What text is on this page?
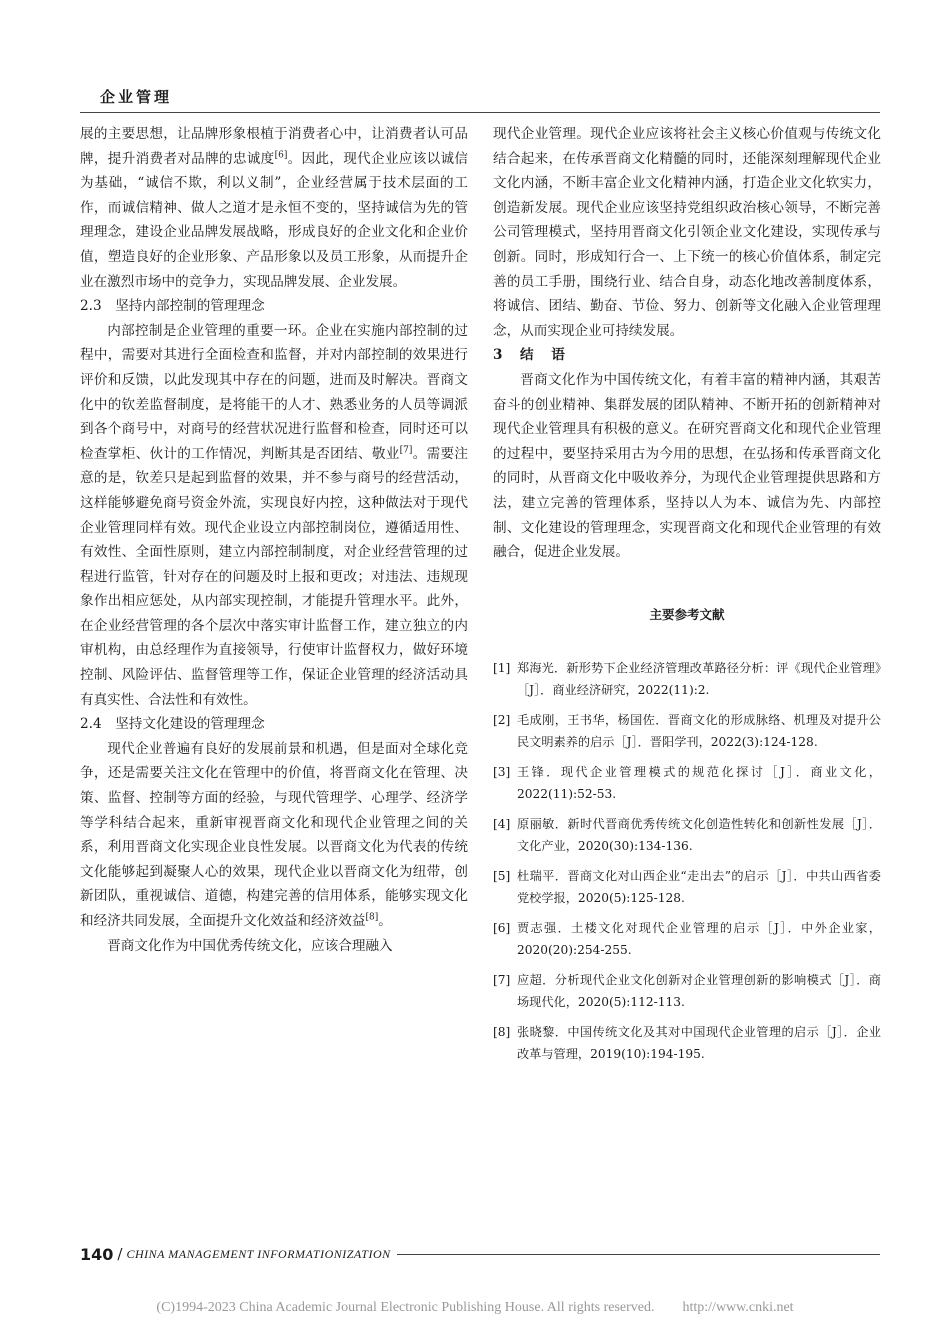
企业管理

展的主要思想，让品牌形象根植于消费者心中，让消费者认可品牌，提升消费者对品牌的忠诚度[6]。因此，现代企业应该以诚信为基础，“诚信不欺，利以义制”，企业经营属于技术层面的工作，而诚信精神、做人之道才是永恒不变的，坚持诚信为先的管理理念，建设企业品牌发展战略，形成良好的企业文化和企业价值，塑造良好的企业形象、产品形象以及员工形象，从而提升企业在激烈市场中的竞争力，实现品牌发展、企业发展。

2.3　坚持内部控制的管理理念

内部控制是企业管理的重要一环。企业在实施内部控制的过程中，需要对其进行全面检查和监督，并对内部控制的效果进行评价和反馈，以此发现其中存在的问题，进而及时解决。晋商文化中的钦差监督制度，是将能干的人才、熟悉业务的人员等调派到各个商号中，对商号的经营状况进行监督和检查，同时还可以检查掌柜、伙计的工作情况，判断其是否团结、敬业[7]。需要注意的是，钦差只是起到监督的效果，并不参与商号的经营活动，这样能够避免商号资金外流，实现良好内控，这种做法对于现代企业管理同样有效。现代企业设立内部控制岗位，遵循适用性、有效性、全面性原则，建立内部控制制度，对企业经营管理的过程进行监管，针对存在的问题及时上报和更改；对违法、违规现象作出相应惩处，从内部实现控制，才能提升管理水平。此外，在企业经营管理的各个层次中落实审计监督工作，建立独立的内审机构，由总经理作为直接领导，行使审计监督权力，做好环境控制、风险评估、监督管理等工作，保证企业管理的经济活动具有真实性、合法性和有效性。

2.4　坚持文化建设的管理理念

现代企业普遍有良好的发展前景和机遇，但是面对全球化竞争，还是需要关注文化在管理中的价值，将晋商文化在管理、决策、监督、控制等方面的经验，与现代管理学、心理学、经济学等学科结合起来，重新审视晋商文化和现代企业管理之间的关系，利用晋商文化实现企业良性发展。以晋商文化为代表的传统文化能够起到凝聚人心的效果，现代企业以晋商文化为纽带，创新团队，重视诚信、道德，构建完善的信用体系，能够实现文化和经济共同发展，全面提升文化效益和经济效益[8]。

晋商文化作为中国优秀传统文化，应该合理融入

现代企业管理。现代企业应该将社会主义核心价值观与传统文化结合起来，在传承晋商文化精髓的同时，还能深刻理解现代企业文化内涵，不断丰富企业文化精神内涵，打造企业文化软实力，创造新发展。现代企业应该坚持党组织政治核心领导，不断完善公司管理模式，坚持用晋商文化引领企业文化建设，实现传承与创新。同时，形成知行合一、上下统一的核心价值体系，制定完善的员工手册，围绕行业、结合自身，动态化地改善制度体系，将诚信、团结、勤奋、节俭、努力、创新等文化融入企业管理理念，从而实现企业可持续发展。

3　结　语

晋商文化作为中国传统文化，有着丰富的精神内涵，其艰苦奋斗的创业精神、集群发展的团队精神、不断开拓的创新精神对现代企业管理具有积极的意义。在研究晋商文化和现代企业管理的过程中，要坚持采用古为今用的思想，在弘扬和传承晋商文化的同时，从晋商文化中吸收养分，为现代企业管理提供思路和方法，建立完善的管理体系，坚持以人为本、诚信为先、内部控制、文化建设的管理理念，实现晋商文化和现代企业管理的有效融合，促进企业发展。

主要参考文献
[1] 郑海光．新形势下企业经济管理改革路径分析：评《现代企业管理》［J］．商业经济研究，2022(11):2.
[2] 毛成刚，王书华，杨国佐．晋商文化的形成脉络、机理及对提升公民文明素养的启示［J］．晋阳学刊，2022(3):124-128.
[3] 王锋．现代企业管理模式的规范化探讨［J］．商业文化，2022(11):52-53.
[4] 原丽敏．新时代晋商优秀传统文化创造性转化和创新性发展［J］．文化产业，2020(30):134-136.
[5] 杜瑞平．晋商文化对山西企业“走出去”的启示［J］．中共山西省委党校学报，2020(5):125-128.
[6] 贾志强．土楼文化对现代企业管理的启示［J］．中外企业家，2020(20):254-255.
[7] 应超．分析现代企业文化创新对企业管理创新的影响模式［J］．商场现代化，2020(5):112-113.
[8] 张晓黎．中国传统文化及其对中国现代企业管理的启示［J］．企业改革与管理，2019(10):194-195.
140 / CHINA MANAGEMENT INFORMATIONIZATION
(C)1994-2023 China Academic Journal Electronic Publishing House. All rights reserved.　　http://www.cnki.net
